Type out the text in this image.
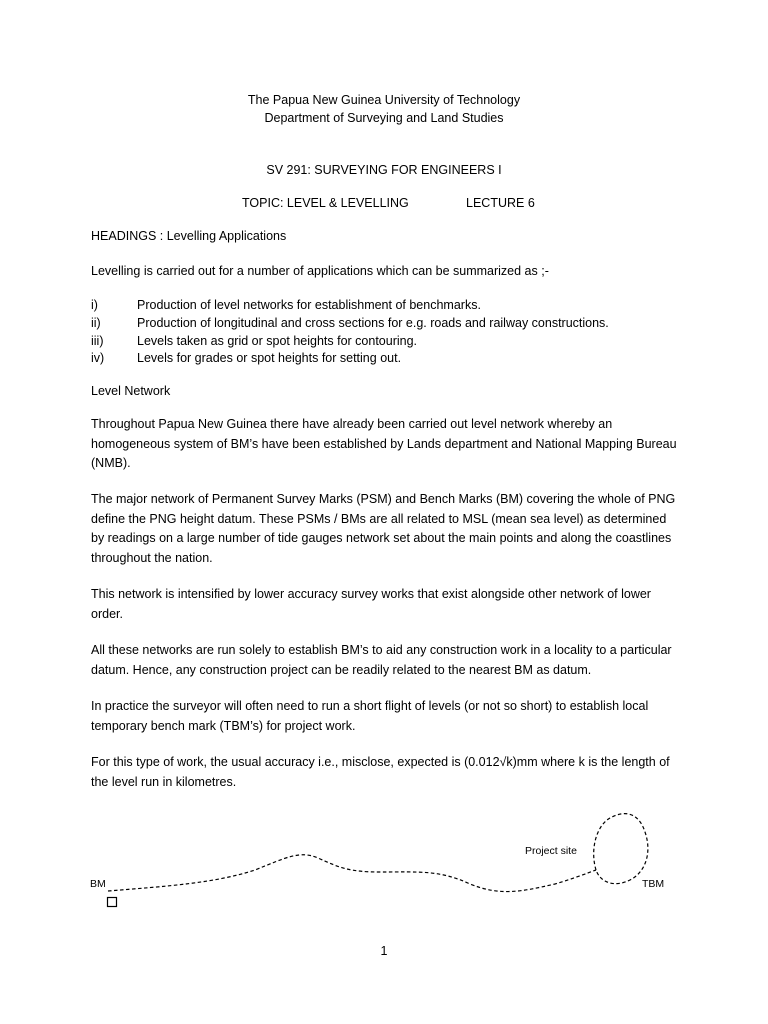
The Papua New Guinea University of Technology
Department of Surveying and Land Studies
SV 291: SURVEYING FOR ENGINEERS I
TOPIC: LEVEL & LEVELLING	LECTURE 6
HEADINGS : Levelling Applications
Levelling is carried out for a number of applications which can be summarized as ;-
i)	Production of level networks for establishment of benchmarks.
ii)	Production of longitudinal and cross sections for e.g. roads and railway constructions.
iii)	Levels taken as grid or spot heights for contouring.
iv)	Levels for grades or spot heights for setting out.
Level Network
Throughout Papua New Guinea there have already been carried out level network whereby an homogeneous system of BM’s have been established by Lands department and National Mapping Bureau (NMB).
The major network of Permanent Survey Marks (PSM) and Bench Marks (BM) covering the whole of PNG define the PNG height datum. These PSMs / BMs are all related to MSL (mean sea level) as determined by readings on a large number of tide gauges network set about the main points and along the coastlines throughout the nation.
This network is intensified by lower accuracy survey works that exist alongside other network of lower order.
All these networks are run solely to establish BM’s to aid any construction work in a locality to a particular datum. Hence, any construction project can be readily related to the nearest BM as datum.
In practice the surveyor will often need to run a short flight of levels (or not so short) to establish local temporary bench mark (TBM’s) for project work.
For this type of work, the usual accuracy i.e., misclose, expected is (0.012√k)mm where k is the length of the level run in kilometres.
BM	TBM
Project site
1
